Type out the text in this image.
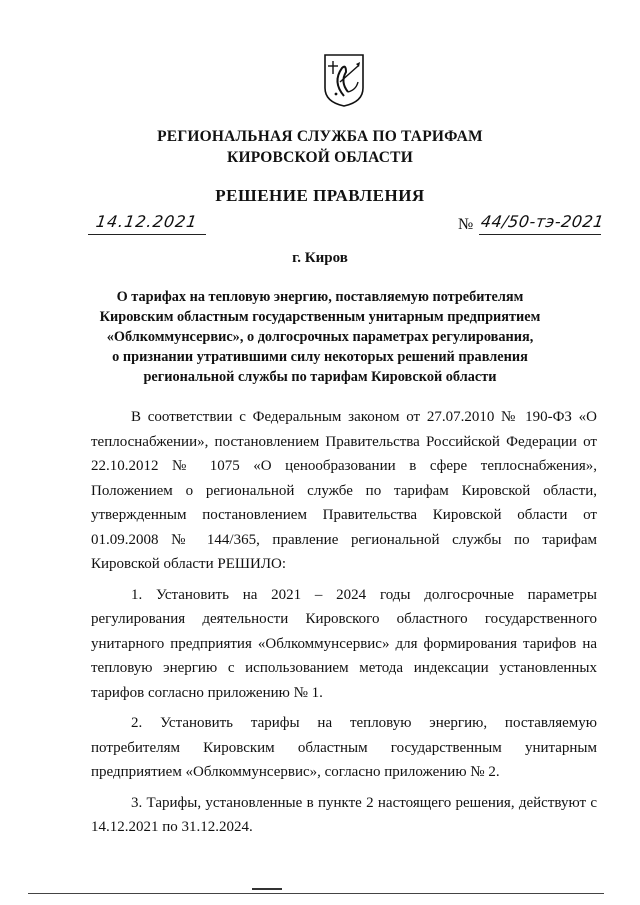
РЕГИОНАЛЬНАЯ СЛУЖБА ПО ТАРИФАМ
КИРОВСКОЙ ОБЛАСТИ
РЕШЕНИЕ ПРАВЛЕНИЯ
14.12.2021	№ 44/50-тэ-2021
г. Киров
О тарифах на тепловую энергию, поставляемую потребителям
Кировским областным государственным унитарным предприятием
«Облкоммунсервис», о долгосрочных параметрах регулирования,
о признании утратившими силу некоторых решений правления
региональной службы по тарифам Кировской области

В соответствии с Федеральным законом от 27.07.2010 № 190-ФЗ «О теплоснабжении», постановлением Правительства Российской Федерации от 22.10.2012 № 1075 «О ценообразовании в сфере теплоснабжения», Положением о региональной службе по тарифам Кировской области, утвержденным постановлением Правительства Кировской области от 01.09.2008 № 144/365, правление региональной службы по тарифам Кировской области РЕШИЛО:

1. Установить на 2021 – 2024 годы долгосрочные параметры регулирования деятельности Кировского областного государственного унитарного предприятия «Облкоммунсервис» для формирования тарифов на тепловую энергию с использованием метода индексации установленных тарифов согласно приложению № 1.

2. Установить тарифы на тепловую энергию, поставляемую потребителям Кировским областным государственным унитарным предприятием «Облкоммунсервис», согласно приложению № 2.

3. Тарифы, установленные в пункте 2 настоящего решения, действуют с 14.12.2021 по 31.12.2024.
